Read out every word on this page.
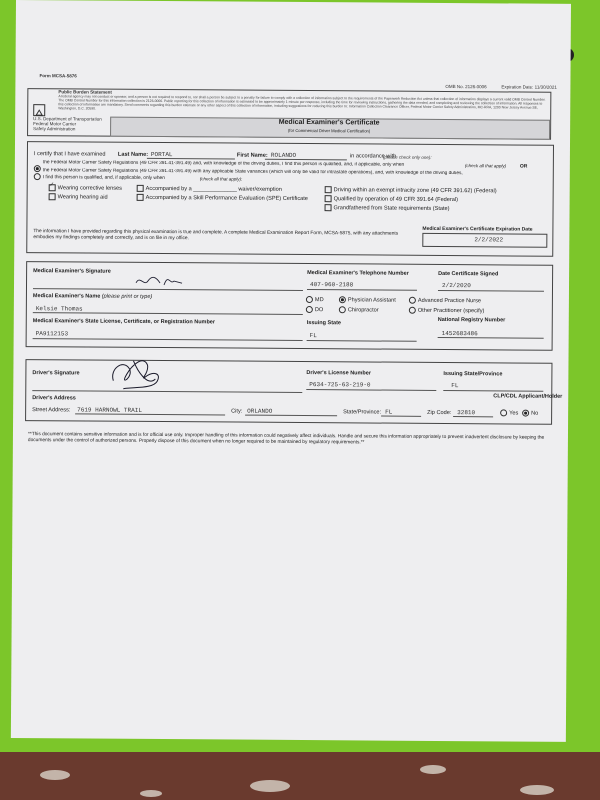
Form MCSA-5876
OMB No. 2126-0006	Expiration Date: 11/30/2021
Public Burden Statement
A federal agency may not conduct or sponsor, and a person is not required to respond to, nor shall a person be subject to a penalty for failure to comply with a collection of information subject to the requirements of the Paperwork Reduction Act unless that collection of information displays a current valid OMB Control Number. The OMB Control Number for this information collection is 2126-0006. Public reporting for this collection of information is estimated to be approximately 1 minute per response, including the time for reviewing instructions, gathering the data needed, and completing and reviewing the collection of information. All responses to this collection of information are mandatory. Send comments regarding this burden estimate or any other aspect of this collection of information, including suggestions for reducing this burden to: Information Collection Clearance Officer, Federal Motor Carrier Safety Administration, MC-RRA, 1200 New Jersey Avenue SE, Washington, D.C. 20590.
U.S. Department of Transportation
Federal Motor Carrier
Safety Administration
Medical Examiner's Certificate
(for Commercial Driver Medical Certification)
I certify that I have examined Last Name: PORTAL	First Name: ROLANDO	in accordance with
(please check only one):
the Federal Motor Carrier Safety Regulations (49 CFR 391.41-391.49) and, with knowledge of the driving duties, I find this person is qualified, and, if applicable, only when	(check all that apply)	OR
the Federal Motor Carrier Safety Regulations (49 CFR 391.41-391.49) with any applicable State variances (which will only be valid for intrastate operations), and, with knowledge of the driving duties,
I find this person is qualified, and, if applicable, only when	(check all that apply):
✓Wearing corrective lenses
Wearing hearing aid
Accompanied by a ______________ waiver/exemption
Accompanied by a Skill Performance Evaluation (SPE) Certificate
Driving within an exempt intracity zone (49 CFR 391.62) (Federal)
Qualified by operation of 49 CFR 391.64 (Federal)
Grandfathered from State requirements (State)
The information I have provided regarding this physical examination is true and complete. A complete Medical Examination Report Form, MCSA-5875, with any attachments embodies my findings completely and correctly, and is on file in my office.
Medical Examiner's Certificate Expiration Date
2/2/2022
Medical Examiner's Signature	Medical Examiner's Telephone Number
407-960-2188
Date Certificate Signed
2/2/2020
Medical Examiner's Name (please print or type)
Kelsie Thomas
MD	Physician Assistant	Advanced Practice Nurse
DO	Chiropractor	Other Practitioner (specify)
Medical Examiner's State License, Certificate, or Registration Number
PA9112153
Issuing State
FL
National Registry Number
1452683486
Driver's Signature	Driver's License Number
P634-725-63-219-0
Issuing State/Province
FL
Driver's Address	CLP/CDL Applicant/Holder
Street Address: 7619 HARNOWL TRAIL	City: ORLANDO	State/Province: FL	Zip Code: 32810	Yes	No
**This document contains sensitive information and is for official use only. Improper handling of this information could negatively affect individuals. Handle and secure this information appropriately to prevent inadvertent disclosure by keeping the documents under the control of authorized persons. Properly dispose of this document when no longer required to be maintained by regulatory requirements.**
